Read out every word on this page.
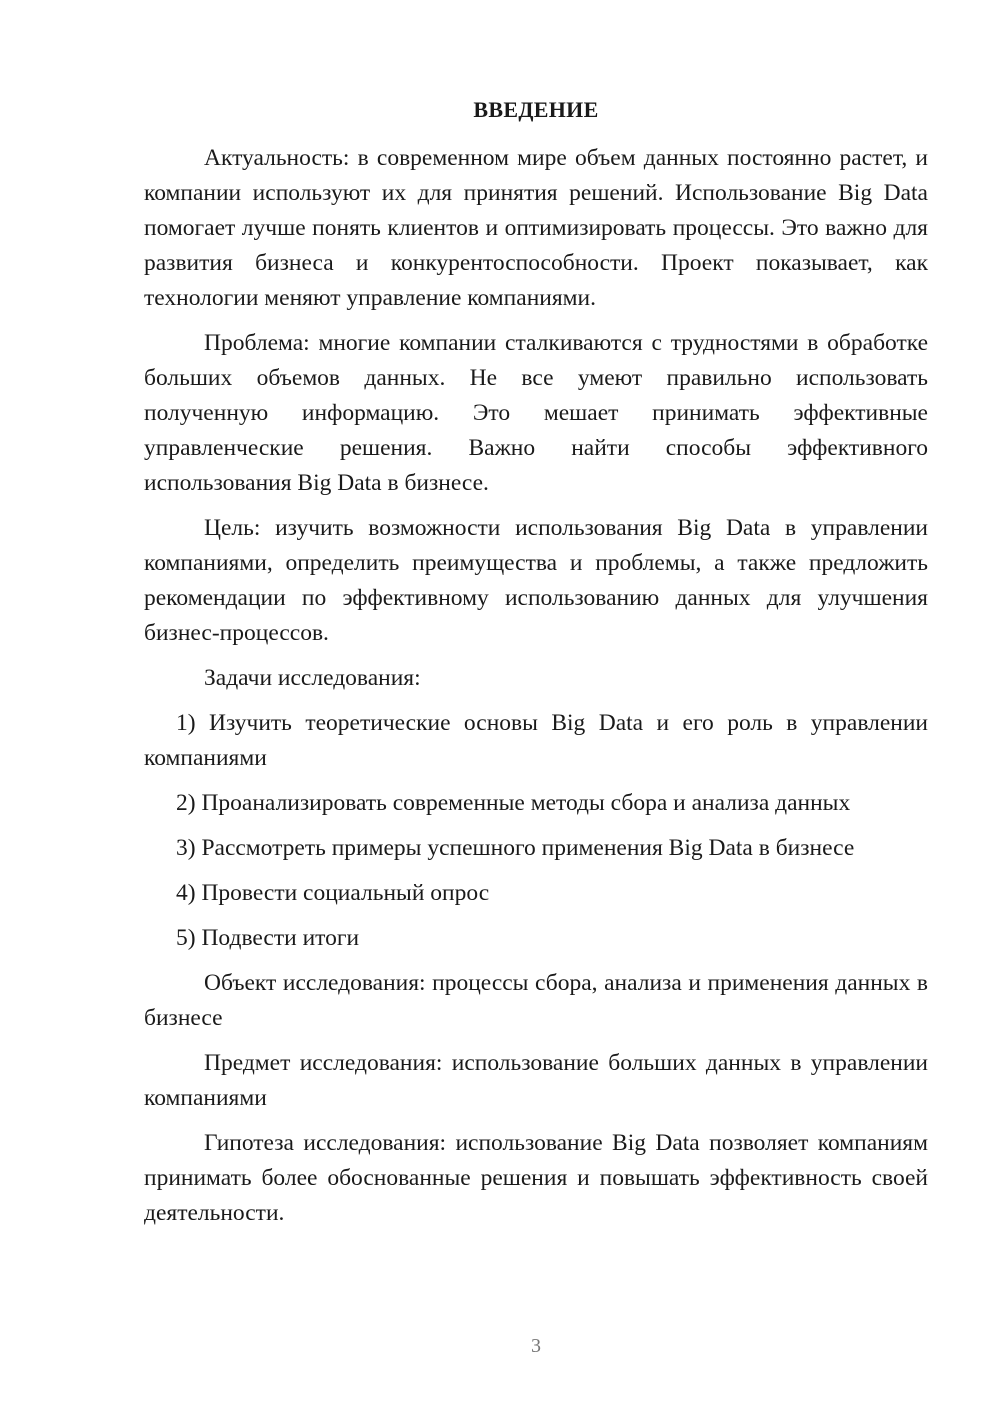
ВВЕДЕНИЕ

Актуальность: в современном мире объем данных постоянно растет, и компании используют их для принятия решений. Использование Big Data помогает лучше понять клиентов и оптимизировать процессы. Это важно для развития бизнеса и конкурентоспособности. Проект показывает, как технологии меняют управление компаниями.

Проблема: многие компании сталкиваются с трудностями в обработке больших объемов данных. Не все умеют правильно использовать полученную информацию. Это мешает принимать эффективные управленческие решения. Важно найти способы эффективного использования Big Data в бизнесе.

Цель: изучить возможности использования Big Data в управлении компаниями, определить преимущества и проблемы, а также предложить рекомендации по эффективному использованию данных для улучшения бизнес-процессов.

Задачи исследования:

1) Изучить теоретические основы Big Data и его роль в управлении компаниями

2) Проанализировать современные методы сбора и анализа данных

3) Рассмотреть примеры успешного применения Big Data в бизнесе

4) Провести социальный опрос

5) Подвести итоги

Объект исследования: процессы сбора, анализа и применения данных в бизнесе

Предмет исследования: использование больших данных в управлении компаниями

Гипотеза исследования: использование Big Data позволяет компаниям принимать более обоснованные решения и повышать эффективность своей деятельности.

3
